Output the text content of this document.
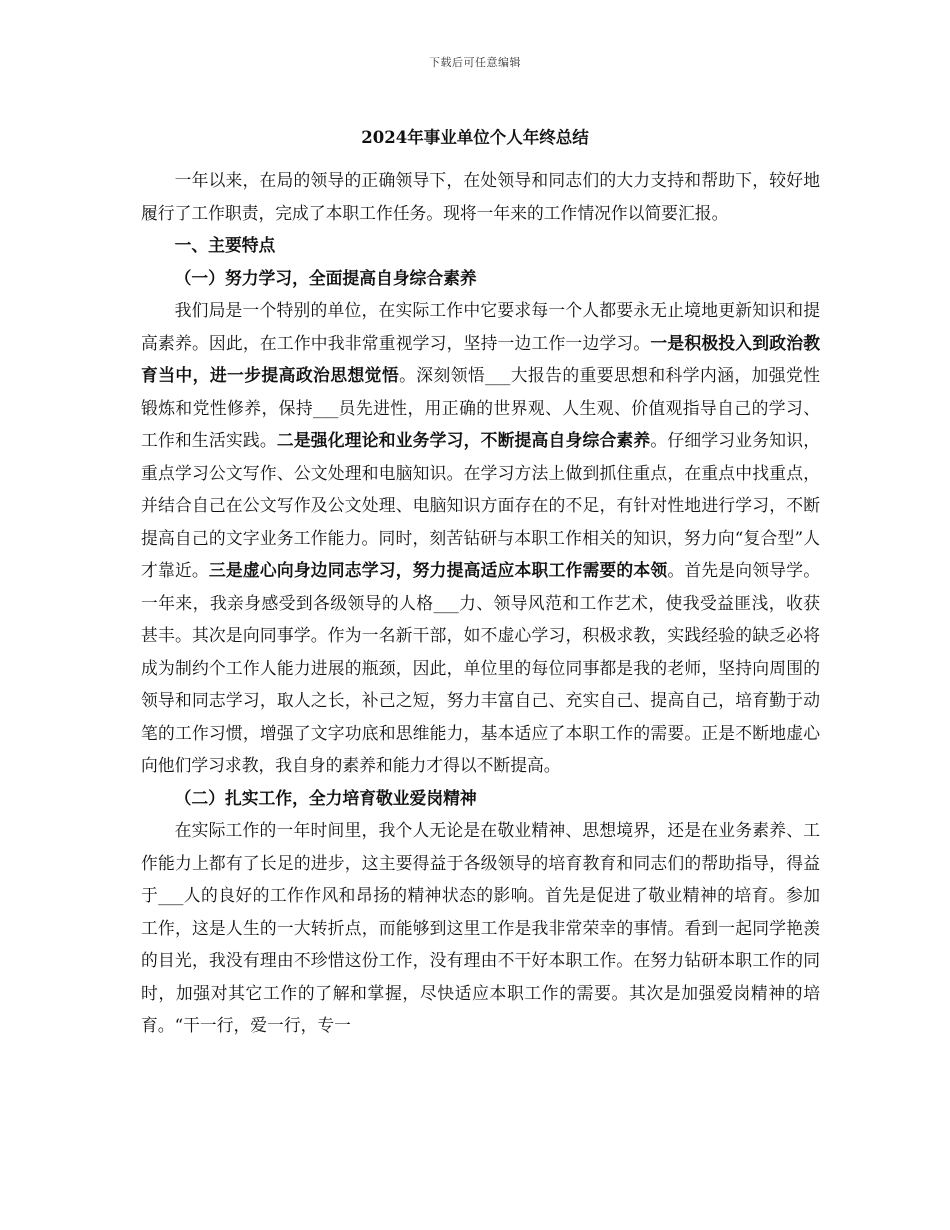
下载后可任意编辑
2024年事业单位个人年终总结

一年以来，在局的领导的正确领导下，在处领导和同志们的大力支持和帮助下，较好地履行了工作职责，完成了本职工作任务。现将一年来的工作情况作以简要汇报。

一、主要特点
（一）努力学习，全面提高自身综合素养

我们局是一个特别的单位，在实际工作中它要求每一个人都要永无止境地更新知识和提高素养。因此，在工作中我非常重视学习，坚持一边工作一边学习。一是积极投入到政治教育当中，进一步提高政治思想觉悟。深刻领悟___大报告的重要思想和科学内涵，加强党性锻炼和党性修养，保持___员先进性，用正确的世界观、人生观、价值观指导自己的学习、工作和生活实践。二是强化理论和业务学习，不断提高自身综合素养。仔细学习业务知识，重点学习公文写作、公文处理和电脑知识。在学习方法上做到抓住重点，在重点中找重点，并结合自己在公文写作及公文处理、电脑知识方面存在的不足，有针对性地进行学习，不断提高自己的文字业务工作能力。同时，刻苦钻研与本职工作相关的知识，努力向“复合型”人才靠近。三是虚心向身边同志学习，努力提高适应本职工作需要的本领。首先是向领导学。一年来，我亲身感受到各级领导的人格___力、领导风范和工作艺术，使我受益匪浅，收获甚丰。其次是向同事学。作为一名新干部，如不虚心学习，积极求教，实践经验的缺乏必将成为制约个工作人能力进展的瓶颈，因此，单位里的每位同事都是我的老师，坚持向周围的领导和同志学习，取人之长，补己之短，努力丰富自己、充实自己、提高自己，培育勤于动笔的工作习惯，增强了文字功底和思维能力，基本适应了本职工作的需要。正是不断地虚心向他们学习求教，我自身的素养和能力才得以不断提高。

（二）扎实工作，全力培育敬业爱岗精神

在实际工作的一年时间里，我个人无论是在敬业精神、思想境界，还是在业务素养、工作能力上都有了长足的进步，这主要得益于各级领导的培育教育和同志们的帮助指导，得益于___人的良好的工作作风和昂扬的精神状态的影响。首先是促进了敬业精神的培育。参加工作，这是人生的一大转折点，而能够到这里工作是我非常荣幸的事情。看到一起同学艳羡的目光，我没有理由不珍惜这份工作，没有理由不干好本职工作。在努力钻研本职工作的同时，加强对其它工作的了解和掌握，尽快适应本职工作的需要。其次是加强爱岗精神的培育。“干一行，爱一行，专一
